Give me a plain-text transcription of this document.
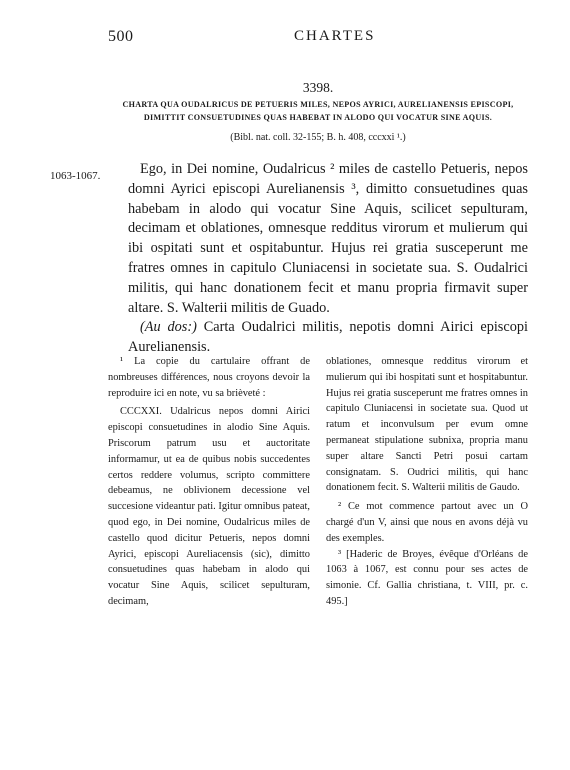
500	CHARTES
3398.
CHARTA QUA OUDALRICUS DE PETUERIS MILES, NEPOS AYRICI, AURELIANENSIS EPISCOPI, DIMITTIT CONSUETUDINES QUAS HABEBAT IN ALODO QUI VOCATUR SINE AQUIS.
(Bibl. nat. coll. 32-155; B. h. 408, cccxxi ¹.)
1063-1067.	Ego, in Dei nomine, Oudalricus ² miles de castello Petueris, nepos domni Ayrici episcopi Aurelianensis ³, dimitto consuetudines quas habebam in alodo qui vocatur Sine Aquis, scilicet sepulturam, decimam et oblationes, omnesque redditus virorum et mulierum qui ibi ospitati sunt et ospitabuntur. Hujus rei gratia susceperunt me fratres omnes in capitulo Cluniacensi in societate sua. S. Oudalrici militis, qui hanc donationem fecit et manu propria firmavit super altare. S. Walterii militis de Guado.

(Au dos:) Carta Oudalrici militis, nepotis domni Airici episcopi Aurelianensis.

¹ La copie du cartulaire offrant de nombreuses différences, nous croyons devoir la reproduire ici en note, vu sa brièveté :

CCCXXI. Udalricus nepos domni Airici episcopi consuetudines in alodio Sine Aquis. Priscorum patrum usu et auctoritate informamur, ut ea de quibus nobis succedentes certos reddere volumus, scripto committere debeamus, ne oblivionem decessione vel succesione videantur pati. Igitur omnibus pateat, quod ego, in Dei nomine, Oudalricus miles de castello quod dicitur Petueris, nepos domni Ayrici, episcopi Aureliacensis (sic), dimitto consuetudines quas habebam in alodo qui vocatur Sine Aquis, scilicet sepulturam, decimam,

oblationes, omnesque redditus virorum et mulierum qui ibi hospitati sunt et hospitabuntur. Hujus rei gratia susceperunt me fratres omnes in capitulo Cluniacensi in societate sua. Quod ut ratum et inconvulsum per evum omne permaneat stipulatione subnixa, propria manu super altare Sancti Petri posui cartam consignatam. S. Oudrici militis, qui hanc donationem fecit. S. Walterii militis de Gaudo.

² Ce mot commence partout avec un O chargé d'un V, ainsi que nous en avons déjà vu des exemples.

³ [Haderic de Broyes, évêque d'Orléans de 1063 à 1067, est connu pour ses actes de simonie. Cf. Gallia christiana, t. VIII, pr. c. 495.]
